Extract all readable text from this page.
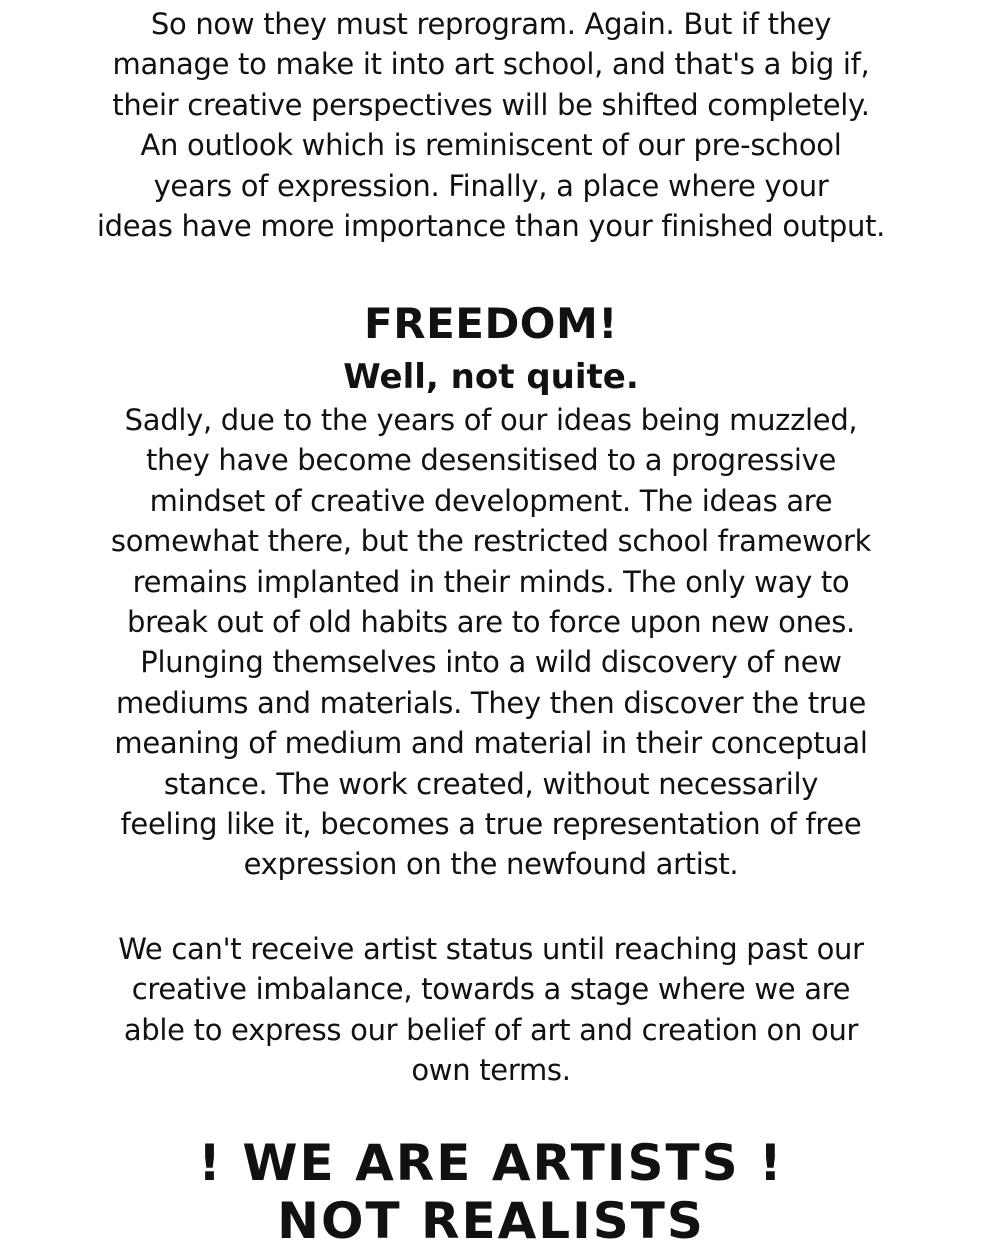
So now they must reprogram. Again. But if they
manage to make it into art school, and that's a big if,
their creative perspectives will be shifted completely.
An outlook which is reminiscent of our pre-school
years of expression. Finally, a place where your
ideas have more importance than your finished output.
FREEDOM!
Well, not quite.
Sadly, due to the years of our ideas being muzzled,
they have become desensitised to a progressive
mindset of creative development. The ideas are
somewhat there, but the restricted school framework
remains implanted in their minds. The only way to
break out of old habits are to force upon new ones.
Plunging themselves into a wild discovery of new
mediums and materials. They then discover the true
meaning of medium and material in their conceptual
stance. The work created, without necessarily
feeling like it, becomes a true representation of free
expression on the newfound artist.
We can't receive artist status until reaching past our
creative imbalance, towards a stage where we are
able to express our belief of art and creation on our
own terms.
! WE ARE ARTISTS !
NOT REALISTS
